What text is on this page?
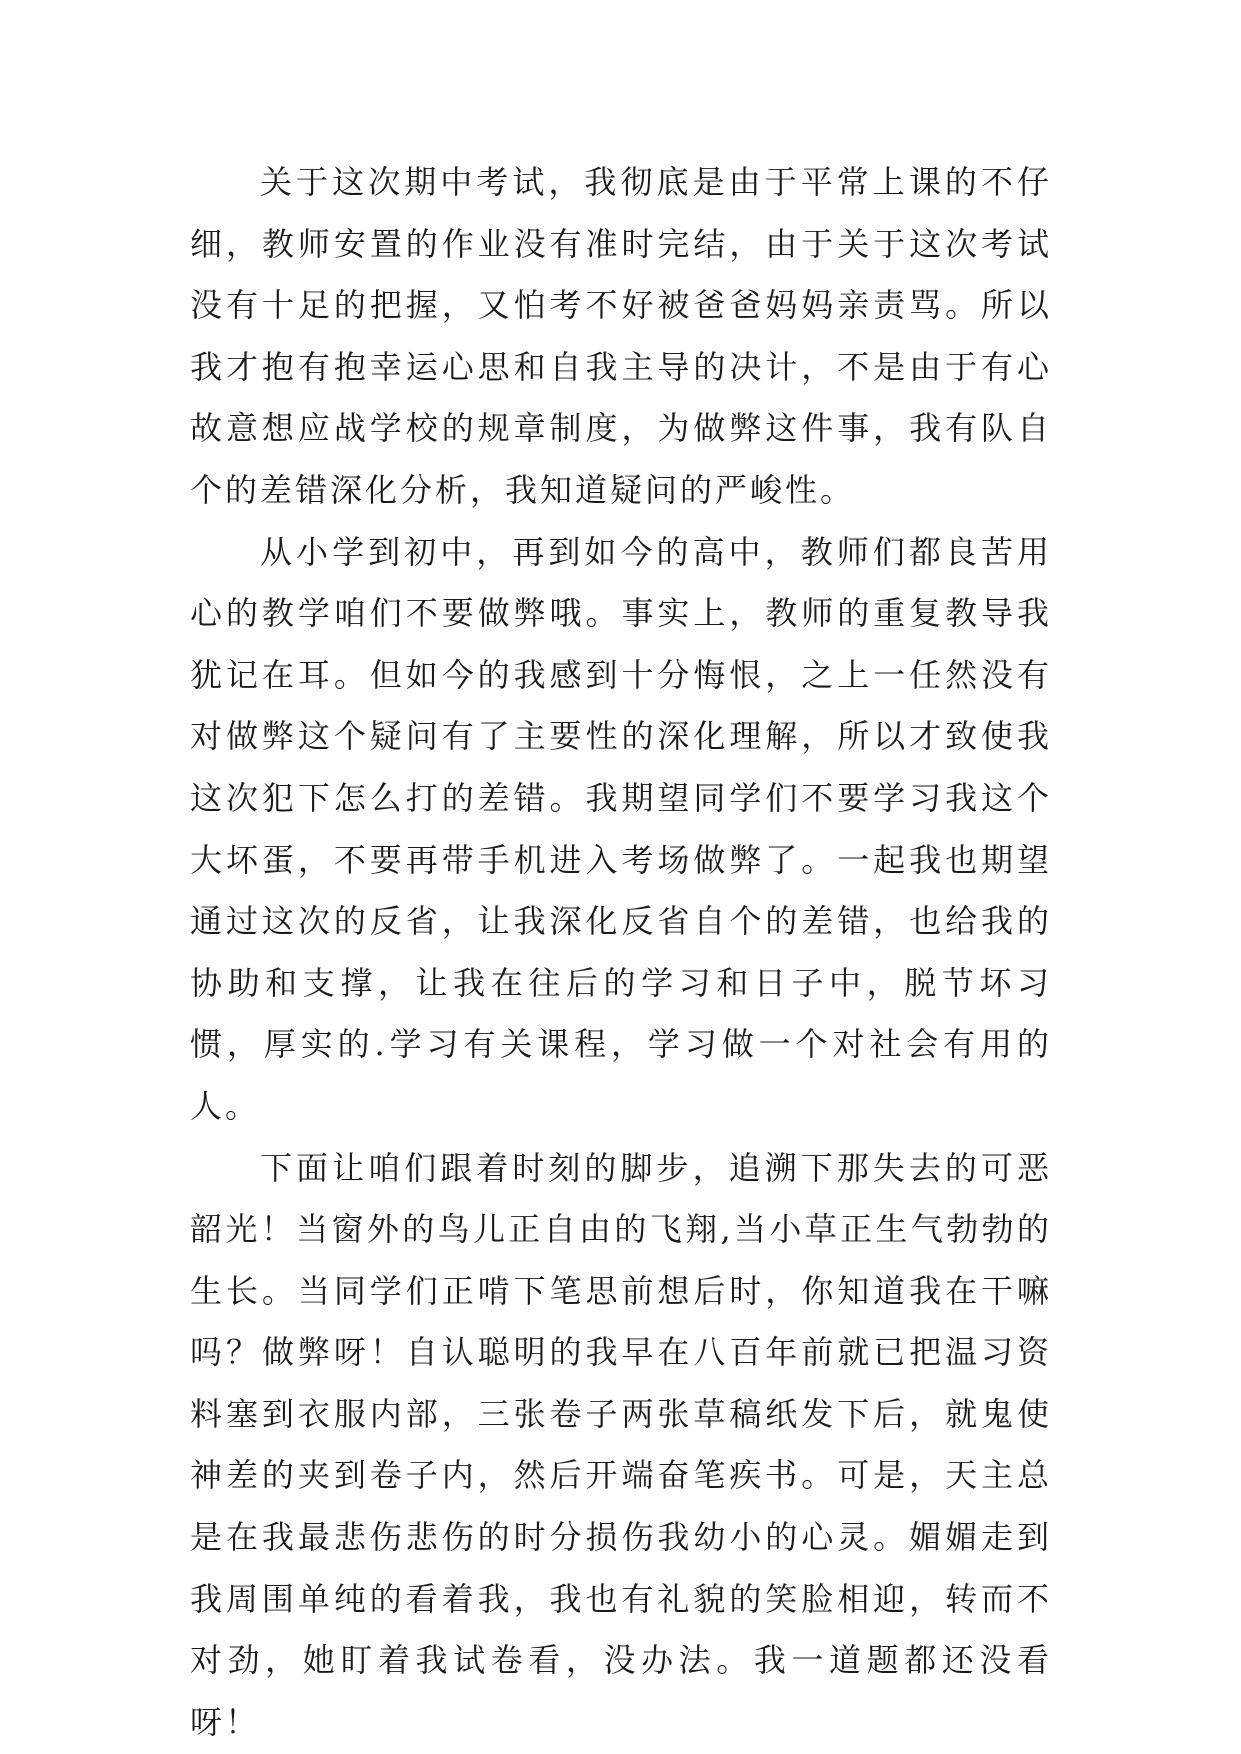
关于这次期中考试，我彻底是由于平常上课的不仔细，教师安置的作业没有准时完结，由于关于这次考试没有十足的把握，又怕考不好被爸爸妈妈亲责骂。所以我才抱有抱幸运心思和自我主导的决计，不是由于有心故意想应战学校的规章制度，为做弊这件事，我有队自个的差错深化分析，我知道疑问的严峻性。

从小学到初中，再到如今的高中，教师们都良苦用心的教学咱们不要做弊哦。事实上，教师的重复教导我犹记在耳。但如今的我感到十分悔恨，之上一任然没有对做弊这个疑问有了主要性的深化理解，所以才致使我这次犯下怎么打的差错。我期望同学们不要学习我这个大坏蛋，不要再带手机进入考场做弊了。一起我也期望通过这次的反省，让我深化反省自个的差错，也给我的协助和支撑，让我在往后的学习和日子中，脱节坏习惯，厚实的.学习有关课程，学习做一个对社会有用的人。

下面让咱们跟着时刻的脚步，追溯下那失去的可恶韶光！当窗外的鸟儿正自由的飞翔,当小草正生气勃勃的生长。当同学们正啃下笔思前想后时，你知道我在干嘛吗？做弊呀！自认聪明的我早在八百年前就已把温习资料塞到衣服内部，三张卷子两张草稿纸发下后，就鬼使神差的夹到卷子内，然后开端奋笔疾书。可是，天主总是在我最悲伤悲伤的时分损伤我幼小的心灵。媚媚走到我周围单纯的看着我，我也有礼貌的笑脸相迎，转而不对劲，她盯着我试卷看，没办法。我一道题都还没看呀！
